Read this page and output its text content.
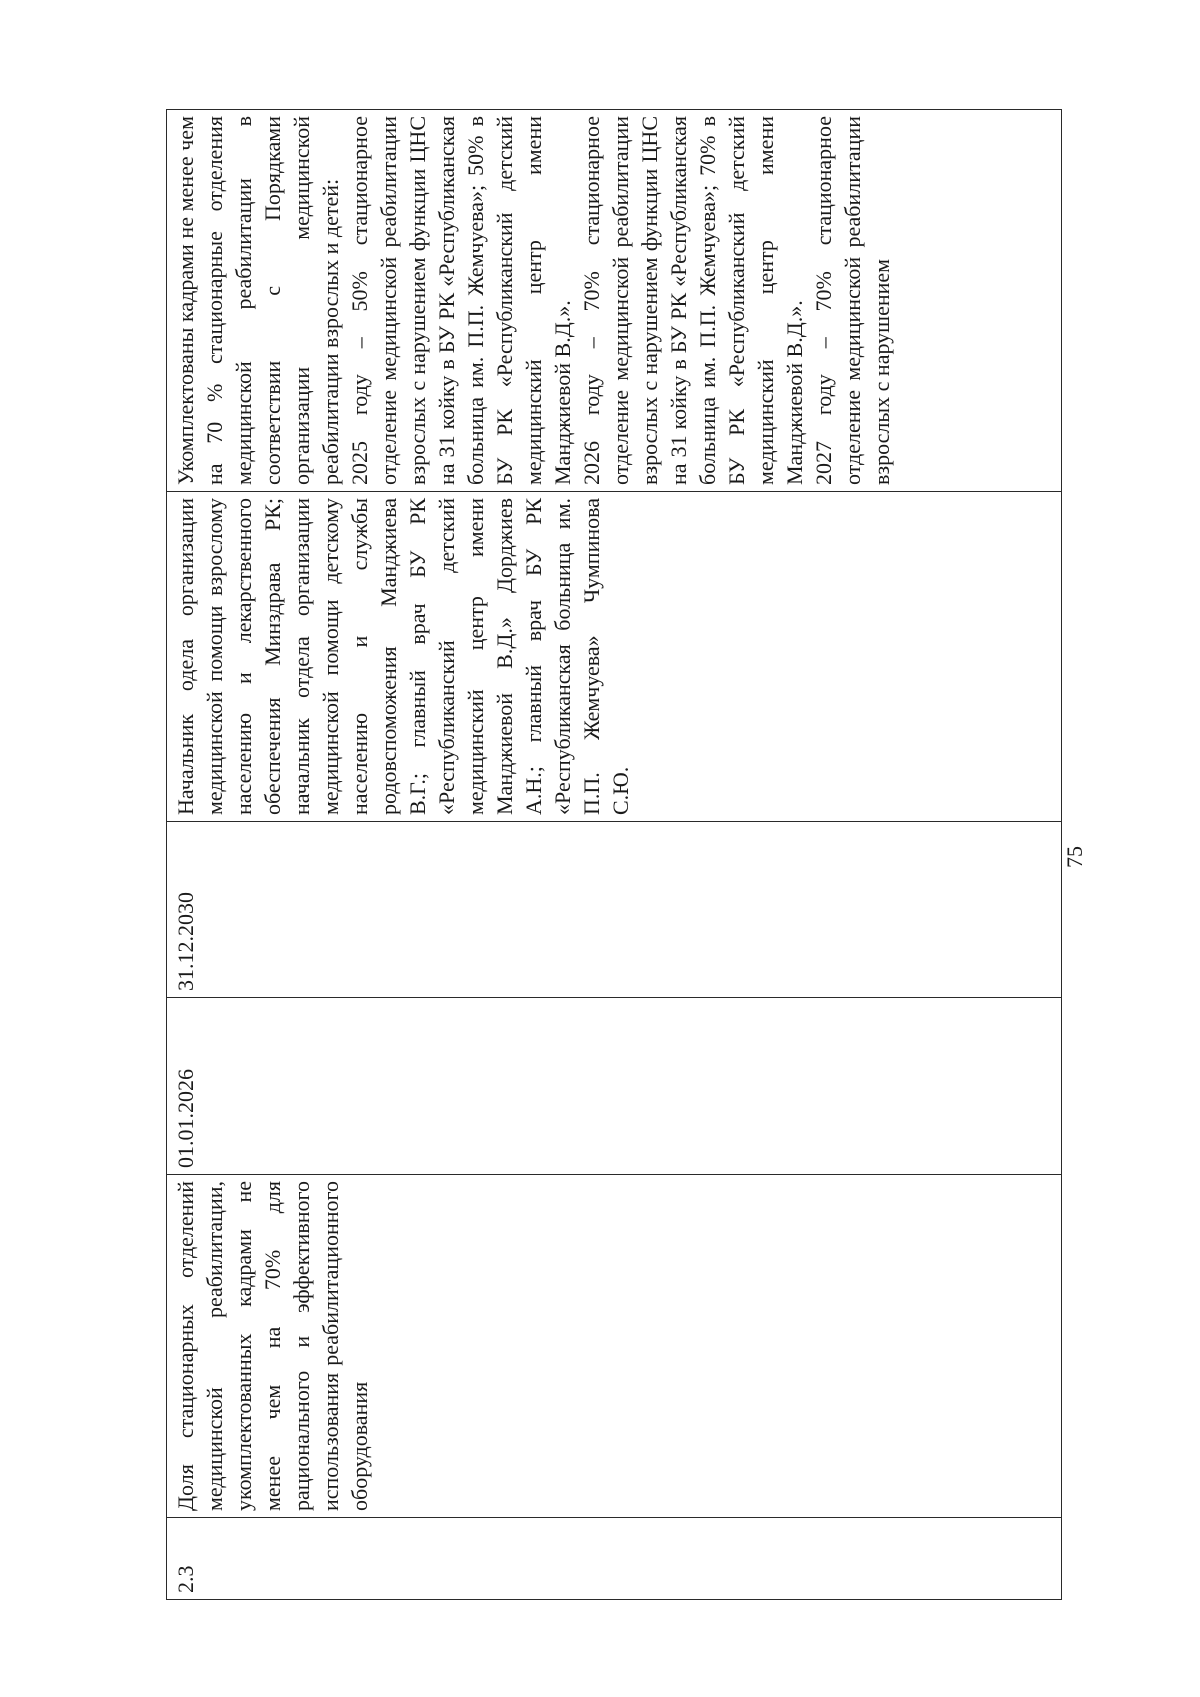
2.3	Доля стационарных отделений медицинской реабилитации, укомплектованных кадрами не менее чем на 70% для рационального и эффективного использования реабилитационного оборудования	01.01.2026	31.12.2030	Начальник одела организации медицинской помощи взрослому населению и лекарственного обеспечения Минздрава РК; начальник отдела организации медицинской помощи детскому населению и службы родовспоможения Манджиева В.Г.; главный врач БУ РК «Республиканский детский медицинский центр имени Манджиевой В.Д.» Дорджиев А.Н.; главный врач БУ РК «Республиканская больница им. П.П. Жемчуева» Чумпинова С.Ю.	
Укомплектованы кадрами не менее чем на 70 % стационарные отделения медицинской реабилитации в соответствии с Порядками организации медицинской реабилитации взрослых и детей:
2025 году – 50% стационарное отделение медицинской реабилитации взрослых с нарушением функции ЦНС на 31 койку в БУ РК «Республиканская больница им. П.П. Жемчуева»; 50% в БУ РК «Республиканский детский медицинский центр имени Манджиевой В.Д.».
2026 году – 70% стационарное отделение медицинской реабилитации взрослых с нарушением функции ЦНС на 31 койку в БУ РК «Республиканская больница им. П.П. Жемчуева»; 70% в БУ РК «Республиканский детский медицинский центр имени Манджиевой В.Д.».
2027 году – 70% стационарное отделение медицинской реабилитации взрослых с нарушением
75
